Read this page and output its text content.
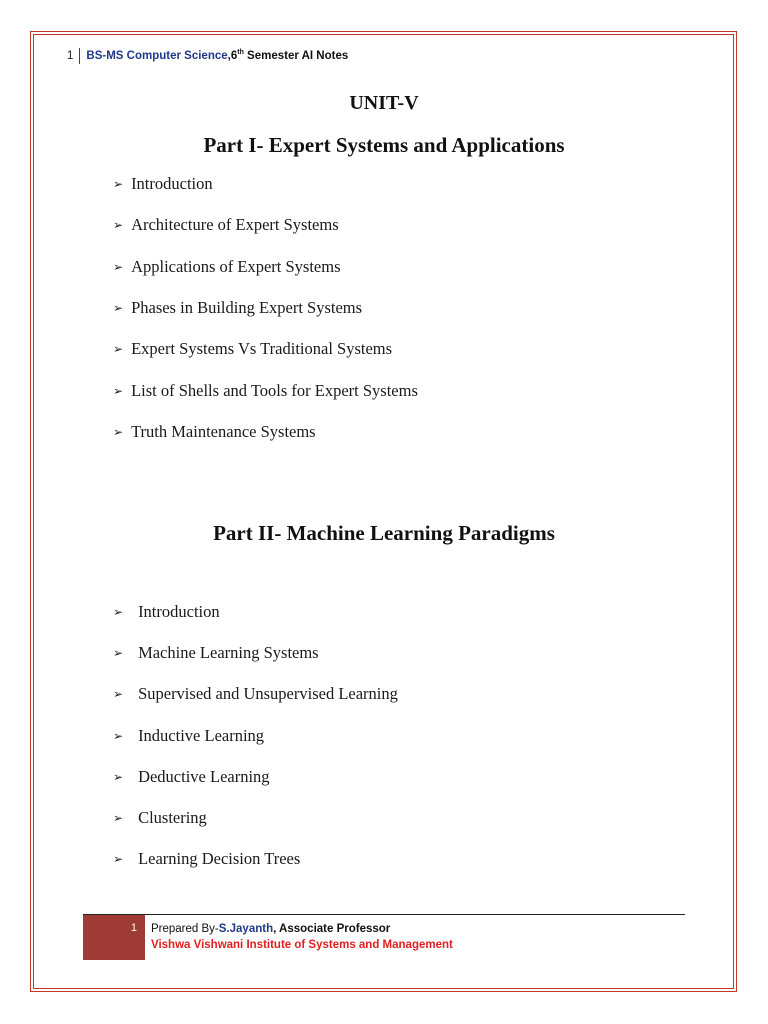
1 BS-MS Computer Science ,6th Semester AI Notes
UNIT-V
Part I- Expert Systems and Applications
➢ Introduction
➢ Architecture of Expert Systems
➢ Applications of Expert Systems
➢ Phases in Building Expert Systems
➢ Expert Systems Vs Traditional Systems
➢ List of Shells and Tools for Expert Systems
➢ Truth Maintenance Systems
Part II- Machine Learning Paradigms
➢ Introduction
➢ Machine Learning Systems
➢ Supervised and Unsupervised Learning
➢ Inductive Learning
➢ Deductive Learning
➢ Clustering
➢ Learning Decision Trees
1	Prepared By-S.Jayanth, Associate Professor
Vishwa Vishwani Institute of Systems and Management
